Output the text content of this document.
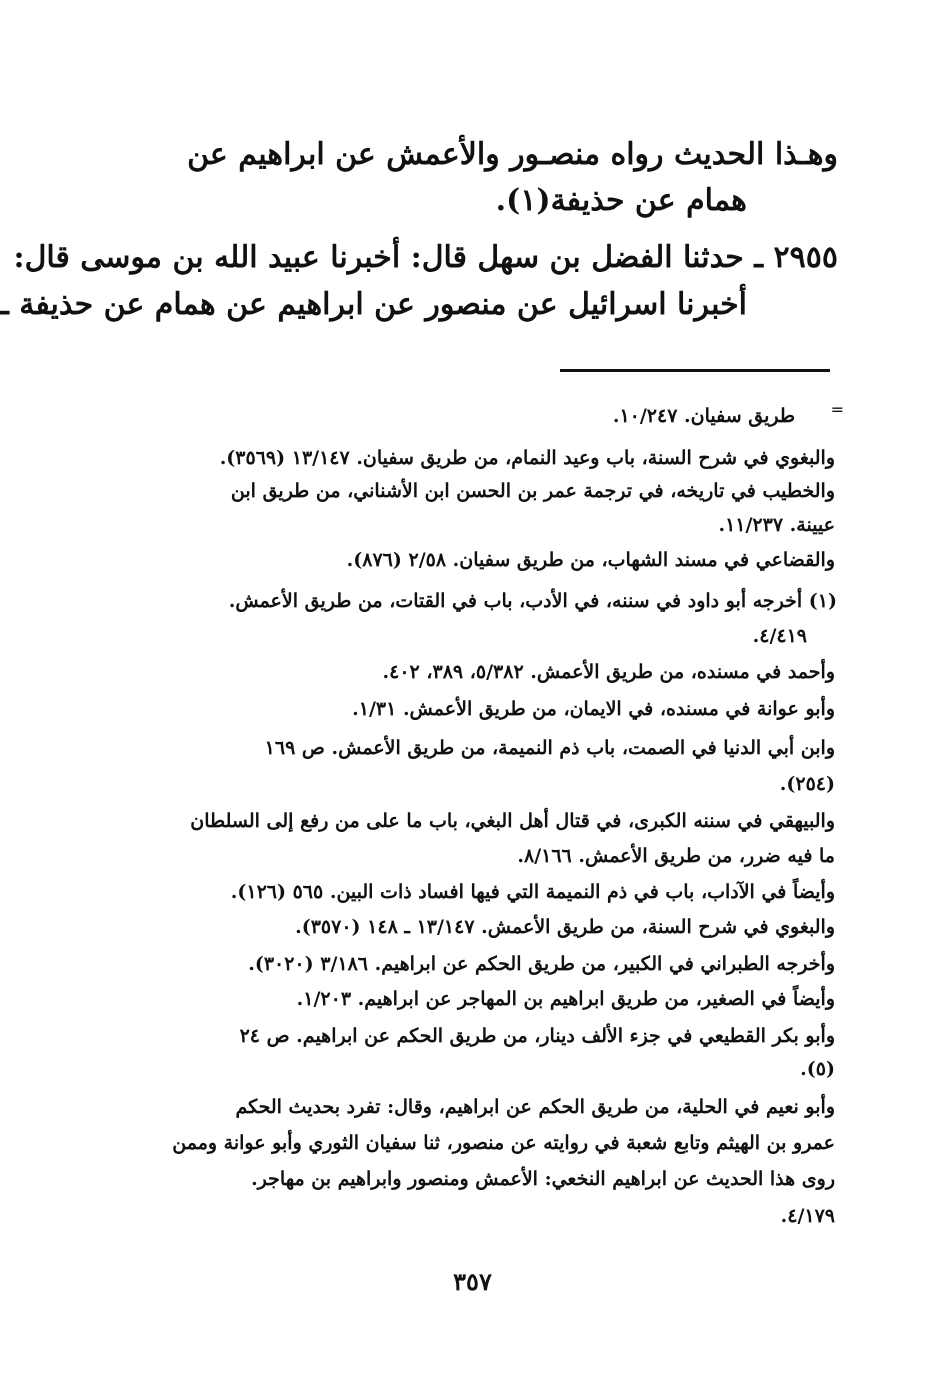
وهـذا الحديث رواه منصـور والأعمش عن ابراهيم عن
همام عن حذيفة(١).
٢٩٥٥ ـ حدثنا الفضل بن سهل قال: أخبرنا عبيد الله بن موسى قال:
أخبرنا اسرائيل عن منصور عن ابراهيم عن همام عن حذيفة ـ
=
طريق سفيان. ١٠/٢٤٧.
والبغوي في شرح السنة، باب وعيد النمام، من طريق سفيان. ١٣/١٤٧ (٣٥٦٩).
والخطيب في تاريخه، في ترجمة عمر بن الحسن ابن الأشناني، من طريق ابن
عيينة. ١١/٢٣٧.
والقضاعي في مسند الشهاب، من طريق سفيان. ٢/٥٨ (٨٧٦).
(١) أخرجه أبو داود في سننه، في الأدب، باب في القتات، من طريق الأعمش.
٤/٤١٩.
وأحمد في مسنده، من طريق الأعمش. ٥/٣٨٢، ٣٨٩، ٤٠٢.
وأبو عوانة في مسنده، في الايمان، من طريق الأعمش. ١/٣١.
وابن أبي الدنيا في الصمت، باب ذم النميمة، من طريق الأعمش. ص ١٦٩
(٢٥٤).
والبيهقي في سننه الكبرى، في قتال أهل البغي، باب ما على من رفع إلى السلطان
ما فيه ضرر، من طريق الأعمش. ٨/١٦٦.
وأيضاً في الآداب، باب في ذم النميمة التي فيها افساد ذات البين. ٥٦٥ (١٢٦).
والبغوي في شرح السنة، من طريق الأعمش. ١٣/١٤٧ ـ ١٤٨ (٣٥٧٠).
وأخرجه الطبراني في الكبير، من طريق الحكم عن ابراهيم. ٣/١٨٦ (٣٠٢٠).
وأيضاً في الصغير، من طريق ابراهيم بن المهاجر عن ابراهيم. ١/٢٠٣.
وأبو بكر القطيعي في جزء الألف دينار، من طريق الحكم عن ابراهيم. ص ٢٤
(٥).
وأبو نعيم في الحلية، من طريق الحكم عن ابراهيم، وقال: تفرد بحديث الحكم
عمرو بن الهيثم وتابع شعبة في روايته عن منصور، ثنا سفيان الثوري وأبو عوانة وممن
روى هذا الحديث عن ابراهيم النخعي: الأعمش ومنصور وابراهيم بن مهاجر.
٤/١٧٩.
٣٥٧
